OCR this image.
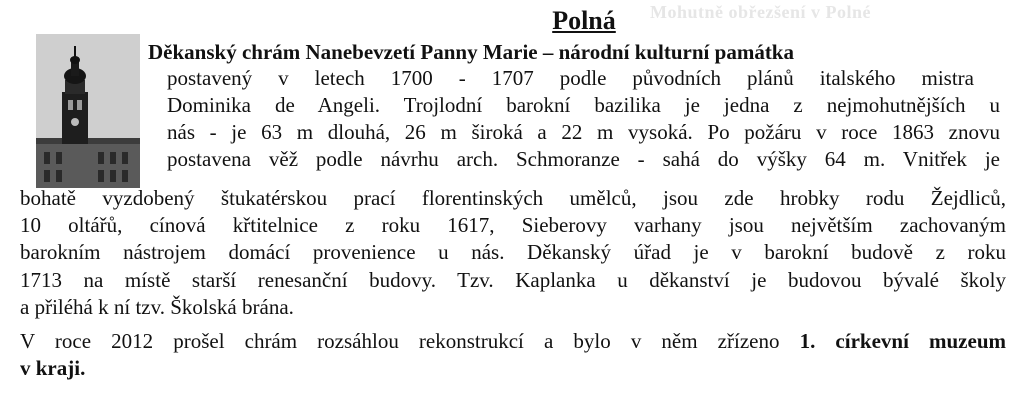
Mohutně obřezšení v Polné
Polná
Děkanský chrám Nanebevzetí Panny Marie – národní kulturní památka
postavený v letech 1700 - 1707 podle původních plánů italského mistra
Dominika de Angeli. Trojlodní barokní bazilika je jedna z nejmohutnějších u
nás - je 63 m dlouhá, 26 m široká a 22 m vysoká. Po požáru v roce 1863 znovu
postavena věž podle návrhu arch. Schmoranze - sahá do výšky 64 m. Vnitřek je
bohatě vyzdobený štukatérskou prací florentinských umělců, jsou zde hrobky rodu Žejdliců,
10 oltářů, cínová křtitelnice z roku 1617, Sieberovy varhany jsou největším zachovaným
barokním nástrojem domácí provenience u nás. Děkanský úřad je v barokní budově z roku
1713 na místě starší renesanční budovy. Tzv. Kaplanka u děkanství je budovou bývalé školy
a přiléhá k ní tzv. Školská brána.
V roce 2012 prošel chrám rozsáhlou rekonstrukcí a bylo v něm zřízeno 1. církevní muzeum
v kraji.
